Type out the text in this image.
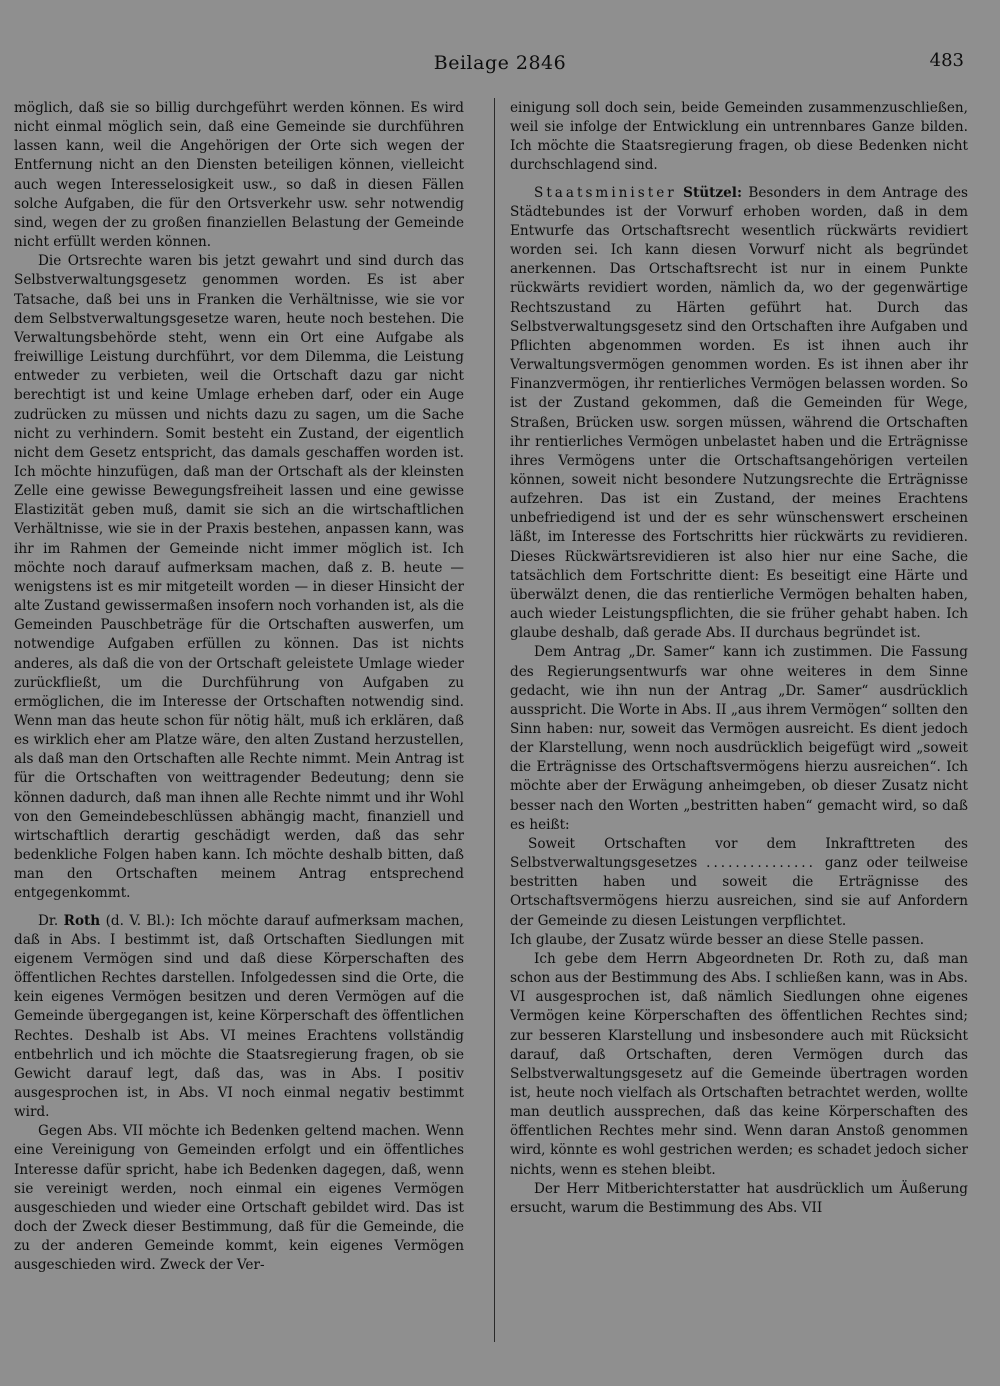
Beilage 2846	483

möglich, daß sie so billig durchgeführt werden können. Es wird nicht einmal möglich sein, daß eine Gemeinde sie durchführen lassen kann, weil die Angehörigen der Orte sich wegen der Entfernung nicht an den Diensten beteiligen können, vielleicht auch wegen Interesselosigkeit usw., so daß in diesen Fällen solche Aufgaben, die für den Ortsverkehr usw. sehr notwendig sind, wegen der zu großen finanziellen Belastung der Gemeinde nicht erfüllt werden können.

Die Ortsrechte waren bis jetzt gewahrt und sind durch das Selbstverwaltungsgesetz genommen worden. Es ist aber Tatsache, daß bei uns in Franken die Verhältnisse, wie sie vor dem Selbstverwaltungsgesetze waren, heute noch bestehen. Die Verwaltungsbehörde steht, wenn ein Ort eine Aufgabe als freiwillige Leistung durchführt, vor dem Dilemma, die Leistung entweder zu verbieten, weil die Ortschaft dazu gar nicht berechtigt ist und keine Umlage erheben darf, oder ein Auge zudrücken zu müssen und nichts dazu zu sagen, um die Sache nicht zu verhindern. Somit besteht ein Zustand, der eigentlich nicht dem Gesetz entspricht, das damals geschaffen worden ist. Ich möchte hinzufügen, daß man der Ortschaft als der kleinsten Zelle eine gewisse Bewegungsfreiheit lassen und eine gewisse Elastizität geben muß, damit sie sich an die wirtschaftlichen Verhältnisse, wie sie in der Praxis bestehen, anpassen kann, was ihr im Rahmen der Gemeinde nicht immer möglich ist. Ich möchte noch darauf aufmerksam machen, daß z. B. heute — wenigstens ist es mir mitgeteilt worden — in dieser Hinsicht der alte Zustand gewissermaßen insofern noch vorhanden ist, als die Gemeinden Pauschbeträge für die Ortschaften auswerfen, um notwendige Aufgaben erfüllen zu können. Das ist nichts anderes, als daß die von der Ortschaft geleistete Umlage wieder zurückfließt, um die Durchführung von Aufgaben zu ermöglichen, die im Interesse der Ortschaften notwendig sind. Wenn man das heute schon für nötig hält, muß ich erklären, daß es wirklich eher am Platze wäre, den alten Zustand herzustellen, als daß man den Ortschaften alle Rechte nimmt. Mein Antrag ist für die Ortschaften von weittragender Bedeutung; denn sie können dadurch, daß man ihnen alle Rechte nimmt und ihr Wohl von den Gemeindebeschlüssen abhängig macht, finanziell und wirtschaftlich derartig geschädigt werden, daß das sehr bedenkliche Folgen haben kann. Ich möchte deshalb bitten, daß man den Ortschaften meinem Antrag entsprechend entgegenkommt.

Dr. Roth (d. V. Bl.): Ich möchte darauf aufmerksam machen, daß in Abs. I bestimmt ist, daß Ortschaften Siedlungen mit eigenem Vermögen sind und daß diese Körperschaften des öffentlichen Rechtes darstellen. Infolgedessen sind die Orte, die kein eigenes Vermögen besitzen und deren Vermögen auf die Gemeinde übergegangen ist, keine Körperschaft des öffentlichen Rechtes. Deshalb ist Abs. VI meines Erachtens vollständig entbehrlich und ich möchte die Staatsregierung fragen, ob sie Gewicht darauf legt, daß das, was in Abs. I positiv ausgesprochen ist, in Abs. VI noch einmal negativ bestimmt wird.

Gegen Abs. VII möchte ich Bedenken geltend machen. Wenn eine Vereinigung von Gemeinden erfolgt und ein öffentliches Interesse dafür spricht, habe ich Bedenken dagegen, daß, wenn sie vereinigt werden, noch einmal ein eigenes Vermögen ausgeschieden und wieder eine Ortschaft gebildet wird. Das ist doch der Zweck dieser Bestimmung, daß für die Gemeinde, die zu der anderen Gemeinde kommt, kein eigenes Vermögen ausgeschieden wird. Zweck der Ver-

einigung soll doch sein, beide Gemeinden zusammenzuschließen, weil sie infolge der Entwicklung ein untrennbares Ganze bilden. Ich möchte die Staatsregierung fragen, ob diese Bedenken nicht durchschlagend sind.

Staatsminister Stützel: Besonders in dem Antrage des Städtebundes ist der Vorwurf erhoben worden, daß in dem Entwurfe das Ortschaftsrecht wesentlich rückwärts revidiert worden sei. Ich kann diesen Vorwurf nicht als begründet anerkennen. Das Ortschaftsrecht ist nur in einem Punkte rückwärts revidiert worden, nämlich da, wo der gegenwärtige Rechtszustand zu Härten geführt hat. Durch das Selbstverwaltungsgesetz sind den Ortschaften ihre Aufgaben und Pflichten abgenommen worden. Es ist ihnen auch ihr Verwaltungsvermögen genommen worden. Es ist ihnen aber ihr Finanzvermögen, ihr rentierliches Vermögen belassen worden. So ist der Zustand gekommen, daß die Gemeinden für Wege, Straßen, Brücken usw. sorgen müssen, während die Ortschaften ihr rentierliches Vermögen unbelastet haben und die Erträgnisse ihres Vermögens unter die Ortschaftsangehörigen verteilen können, soweit nicht besondere Nutzungsrechte die Erträgnisse aufzehren. Das ist ein Zustand, der meines Erachtens unbefriedigend ist und der es sehr wünschenswert erscheinen läßt, im Interesse des Fortschritts hier rückwärts zu revidieren. Dieses Rückwärtsrevidieren ist also hier nur eine Sache, die tatsächlich dem Fortschritte dient: Es beseitigt eine Härte und überwälzt denen, die das rentierliche Vermögen behalten haben, auch wieder Leistungspflichten, die sie früher gehabt haben. Ich glaube deshalb, daß gerade Abs. II durchaus begründet ist.

Dem Antrag „Dr. Samer“ kann ich zustimmen. Die Fassung des Regierungsentwurfs war ohne weiteres in dem Sinne gedacht, wie ihn nun der Antrag „Dr. Samer“ ausdrücklich ausspricht. Die Worte in Abs. II „aus ihrem Vermögen“ sollten den Sinn haben: nur, soweit das Vermögen ausreicht. Es dient jedoch der Klarstellung, wenn noch ausdrücklich beigefügt wird „soweit die Erträgnisse des Ortschaftsvermögens hierzu ausreichen“. Ich möchte aber der Erwägung anheimgeben, ob dieser Zusatz nicht besser nach den Worten „bestritten haben“ gemacht wird, so daß es heißt:

Soweit Ortschaften vor dem Inkrafttreten des Selbstverwaltungsgesetzes ............... ganz oder teilweise bestritten haben und soweit die Erträgnisse des Ortschaftsvermögens hierzu ausreichen, sind sie auf Anfordern der Gemeinde zu diesen Leistungen verpflichtet.

Ich glaube, der Zusatz würde besser an diese Stelle passen.

Ich gebe dem Herrn Abgeordneten Dr. Roth zu, daß man schon aus der Bestimmung des Abs. I schließen kann, was in Abs. VI ausgesprochen ist, daß nämlich Siedlungen ohne eigenes Vermögen keine Körperschaften des öffentlichen Rechtes sind; zur besseren Klarstellung und insbesondere auch mit Rücksicht darauf, daß Ortschaften, deren Vermögen durch das Selbstverwaltungsgesetz auf die Gemeinde übertragen worden ist, heute noch vielfach als Ortschaften betrachtet werden, wollte man deutlich aussprechen, daß das keine Körperschaften des öffentlichen Rechtes mehr sind. Wenn daran Anstoß genommen wird, könnte es wohl gestrichen werden; es schadet jedoch sicher nichts, wenn es stehen bleibt.

Der Herr Mitberichterstatter hat ausdrücklich um Äußerung ersucht, warum die Bestimmung des Abs. VII
